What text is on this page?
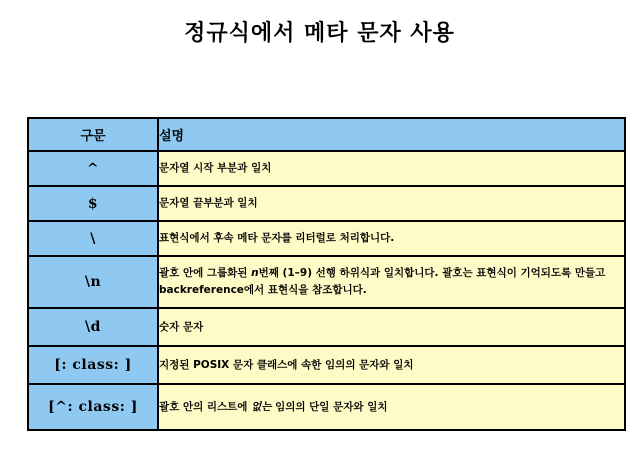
정규식에서 메타 문자 사용
구문	설명
^	문자열 시작 부분과 일치
$	문자열 끝부분과 일치
\	표현식에서 후속 메타 문자를 리터럴로 처리합니다.
\n	괄호 안에 그룹화된 n번째 (1–9) 선행 하위식과 일치합니다. 괄호는 표현식이 기억되도록 만들고 backreference에서 표현식을 참조합니다.
\d	숫자 문자
[: class: ]	지정된 POSIX 문자 클래스에 속한 임의의 문자와 일치
[^: class: ]	괄호 안의 리스트에 없는 임의의 단일 문자와 일치
